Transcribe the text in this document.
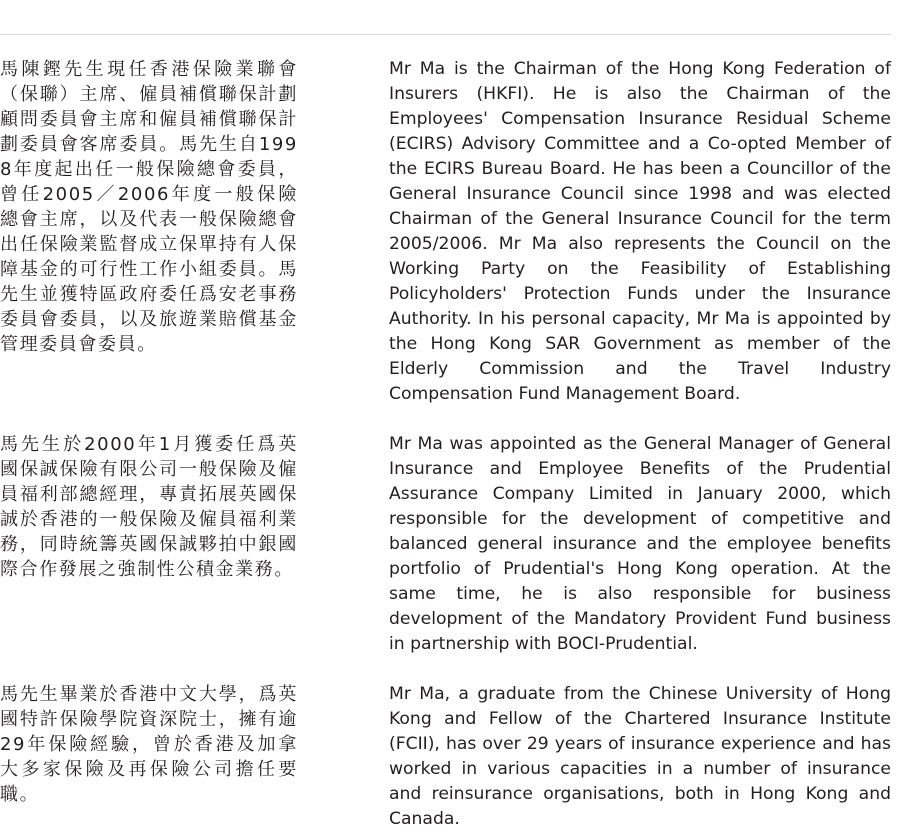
馬陳鏗先生現任香港保險業聯會（保聯）主席、僱員補償聯保計劃顧問委員會主席和僱員補償聯保計劃委員會客席委員。馬先生自1998年度起出任一般保險總會委員，曾任2005／2006年度一般保險總會主席，以及代表一般保險總會出任保險業監督成立保單持有人保障基金的可行性工作小組委員。馬先生並獲特區政府委任爲安老事務委員會委員，以及旅遊業賠償基金管理委員會委員。

馬先生於2000年1月獲委任爲英國保誠保險有限公司一般保險及僱員福利部總經理，專責拓展英國保誠於香港的一般保險及僱員福利業務，同時統籌英國保誠夥拍中銀國際合作發展之強制性公積金業務。

馬先生畢業於香港中文大學，爲英國特許保險學院資深院士，擁有逾29年保險經驗，曾於香港及加拿大多家保險及再保險公司擔任要職。

Mr Ma is the Chairman of the Hong Kong Federation of Insurers (HKFI). He is also the Chairman of the Employees' Compensation Insurance Residual Scheme (ECIRS) Advisory Committee and a Co-opted Member of the ECIRS Bureau Board. He has been a Councillor of the General Insurance Council since 1998 and was elected Chairman of the General Insurance Council for the term 2005/2006. Mr Ma also represents the Council on the Working Party on the Feasibility of Establishing Policyholders' Protection Funds under the Insurance Authority. In his personal capacity, Mr Ma is appointed by the Hong Kong SAR Government as member of the Elderly Commission and the Travel Industry Compensation Fund Management Board.

Mr Ma was appointed as the General Manager of General Insurance and Employee Benefits of the Prudential Assurance Company Limited in January 2000, which responsible for the development of competitive and balanced general insurance and the employee benefits portfolio of Prudential's Hong Kong operation. At the same time, he is also responsible for business development of the Mandatory Provident Fund business in partnership with BOCI-Prudential.

Mr Ma, a graduate from the Chinese University of Hong Kong and Fellow of the Chartered Insurance Institute (FCII), has over 29 years of insurance experience and has worked in various capacities in a number of insurance and reinsurance organisations, both in Hong Kong and Canada.
